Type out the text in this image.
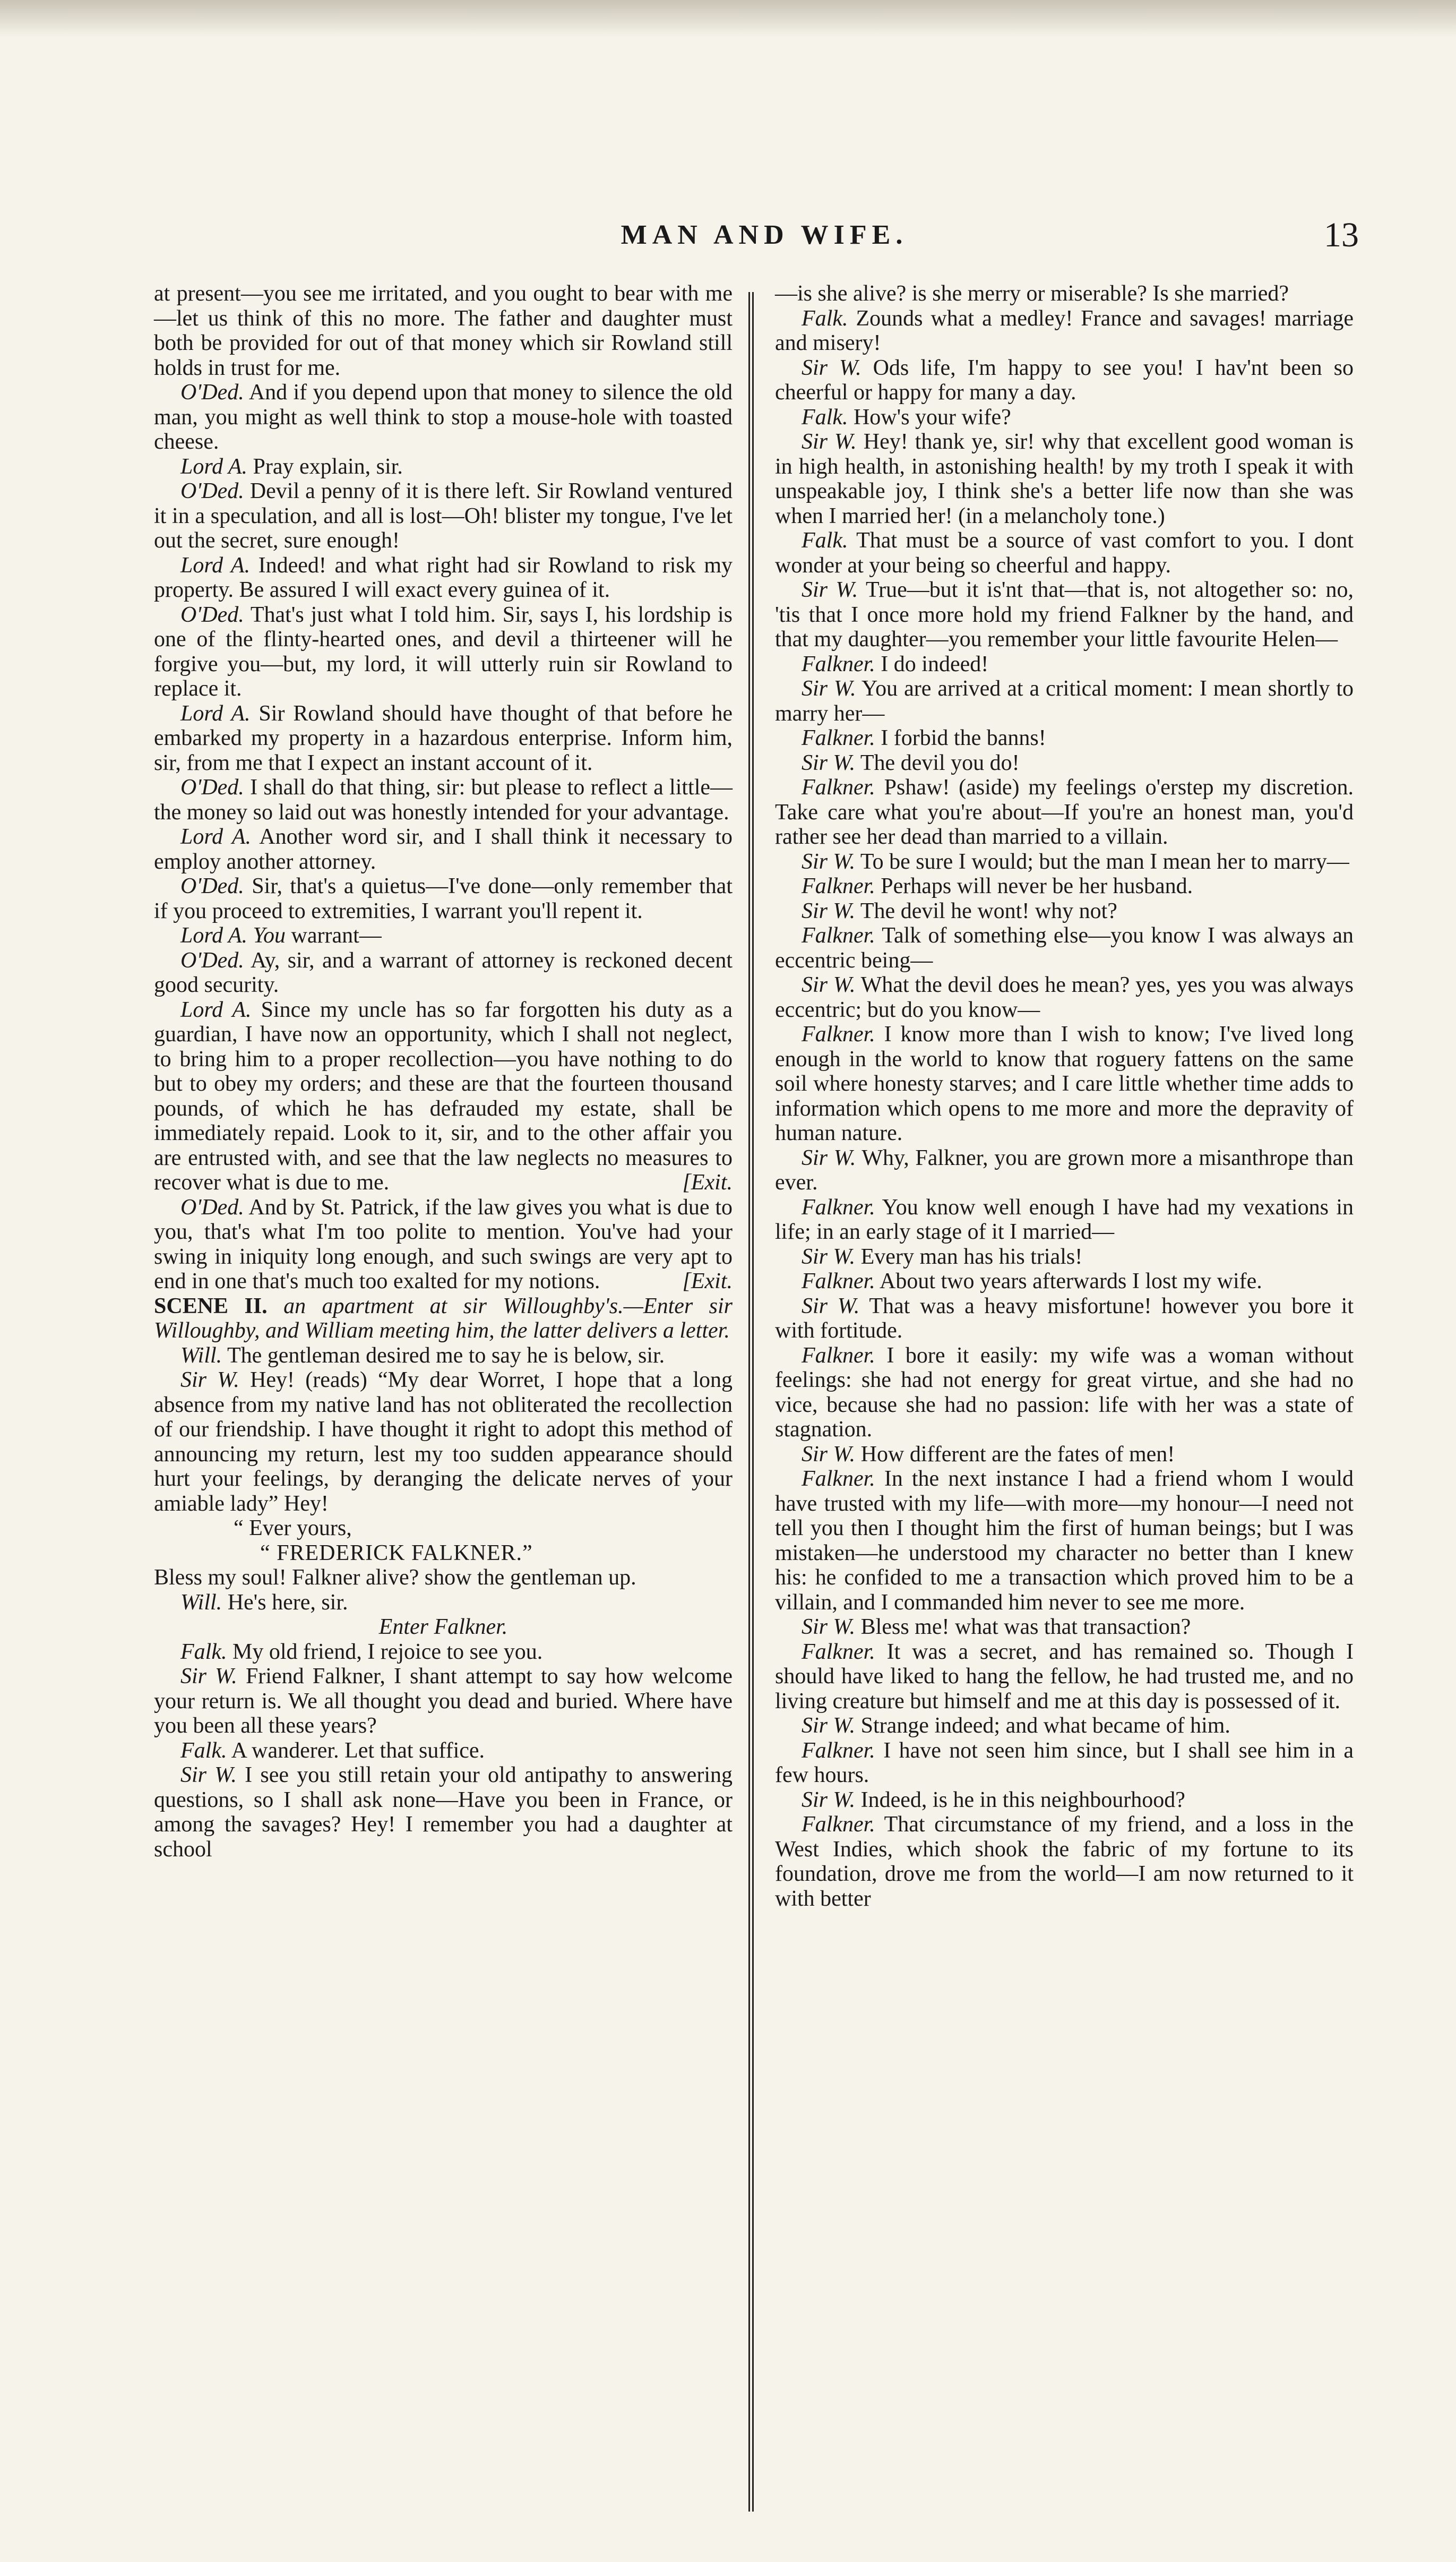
MAN AND WIFE.	13

at present—you see me irritated, and you ought to bear with me—let us think of this no more. The father and daughter must both be provided for out of that money which sir Rowland still holds in trust for me.

O'Ded. And if you depend upon that money to silence the old man, you might as well think to stop a mouse-hole with toasted cheese.

Lord A. Pray explain, sir.

O'Ded. Devil a penny of it is there left. Sir Rowland ventured it in a speculation, and all is lost—Oh! blister my tongue, I've let out the secret, sure enough!

Lord A. Indeed! and what right had sir Rowland to risk my property. Be assured I will exact every guinea of it.

O'Ded. That's just what I told him. Sir, says I, his lordship is one of the flinty-hearted ones, and devil a thirteener will he forgive you—but, my lord, it will utterly ruin sir Rowland to replace it.

Lord A. Sir Rowland should have thought of that before he embarked my property in a hazardous enterprise. Inform him, sir, from me that I expect an instant account of it.

O'Ded. I shall do that thing, sir: but please to reflect a little—the money so laid out was honestly intended for your advantage.

Lord A. Another word sir, and I shall think it necessary to employ another attorney.

O'Ded. Sir, that's a quietus—I've done—only remember that if you proceed to extremities, I warrant you'll repent it.

Lord A. You warrant—

O'Ded. Ay, sir, and a warrant of attorney is reckoned decent good security.

Lord A. Since my uncle has so far forgotten his duty as a guardian, I have now an opportunity, which I shall not neglect, to bring him to a proper recollection—you have nothing to do but to obey my orders; and these are that the fourteen thousand pounds, of which he has defrauded my estate, shall be immediately repaid. Look to it, sir, and to the other affair you are entrusted with, and see that the law neglects no measures to recover what is due to me.	[Exit.

O'Ded. And by St. Patrick, if the law gives you what is due to you, that's what I'm too polite to mention. You've had your swing in iniquity long enough, and such swings are very apt to end in one that's much too exalted for my notions.	[Exit.

SCENE II. an apartment at sir Willoughby's.—Enter sir Willoughby, and William meeting him, the latter delivers a letter.

Will. The gentleman desired me to say he is below, sir.

Sir W. Hey! (reads) “My dear Worret, I hope that a long absence from my native land has not obliterated the recollection of our friendship. I have thought it right to adopt this method of announcing my return, lest my too sudden appearance should hurt your feelings, by deranging the delicate nerves of your amiable lady” Hey!

“ Ever yours,

“ FREDERICK FALKNER.”

Bless my soul! Falkner alive? show the gentleman up.

Will. He's here, sir.

Enter Falkner.

Falk. My old friend, I rejoice to see you.

Sir W. Friend Falkner, I shant attempt to say how welcome your return is. We all thought you dead and buried. Where have you been all these years?

Falk. A wanderer. Let that suffice.

Sir W. I see you still retain your old antipathy to answering questions, so I shall ask none—Have you been in France, or among the savages? Hey! I remember you had a daughter at school

—is she alive? is she merry or miserable? Is she married?

Falk. Zounds what a medley! France and savages! marriage and misery!

Sir W. Ods life, I'm happy to see you! I hav'nt been so cheerful or happy for many a day.

Falk. How's your wife?

Sir W. Hey! thank ye, sir! why that excellent good woman is in high health, in astonishing health! by my troth I speak it with unspeakable joy, I think she's a better life now than she was when I married her! (in a melancholy tone.)

Falk. That must be a source of vast comfort to you. I dont wonder at your being so cheerful and happy.

Sir W. True—but it is'nt that—that is, not altogether so: no, 'tis that I once more hold my friend Falkner by the hand, and that my daughter—you remember your little favourite Helen—

Falkner. I do indeed!

Sir W. You are arrived at a critical moment: I mean shortly to marry her—

Falkner. I forbid the banns!

Sir W. The devil you do!

Falkner. Pshaw! (aside) my feelings o'erstep my discretion. Take care what you're about—If you're an honest man, you'd rather see her dead than married to a villain.

Sir W. To be sure I would; but the man I mean her to marry—

Falkner. Perhaps will never be her husband.

Sir W. The devil he wont! why not?

Falkner. Talk of something else—you know I was always an eccentric being—

Sir W. What the devil does he mean? yes, yes you was always eccentric; but do you know—

Falkner. I know more than I wish to know; I've lived long enough in the world to know that roguery fattens on the same soil where honesty starves; and I care little whether time adds to information which opens to me more and more the depravity of human nature.

Sir W. Why, Falkner, you are grown more a misanthrope than ever.

Falkner. You know well enough I have had my vexations in life; in an early stage of it I married—

Sir W. Every man has his trials!

Falkner. About two years afterwards I lost my wife.

Sir W. That was a heavy misfortune! however you bore it with fortitude.

Falkner. I bore it easily: my wife was a woman without feelings: she had not energy for great virtue, and she had no vice, because she had no passion: life with her was a state of stagnation.

Sir W. How different are the fates of men!

Falkner. In the next instance I had a friend whom I would have trusted with my life—with more—my honour—I need not tell you then I thought him the first of human beings; but I was mistaken—he understood my character no better than I knew his: he confided to me a transaction which proved him to be a villain, and I commanded him never to see me more.

Sir W. Bless me! what was that transaction?

Falkner. It was a secret, and has remained so. Though I should have liked to hang the fellow, he had trusted me, and no living creature but himself and me at this day is possessed of it.

Sir W. Strange indeed; and what became of him.

Falkner. I have not seen him since, but I shall see him in a few hours.

Sir W. Indeed, is he in this neighbourhood?

Falkner. That circumstance of my friend, and a loss in the West Indies, which shook the fabric of my fortune to its foundation, drove me from the world—I am now returned to it with better
